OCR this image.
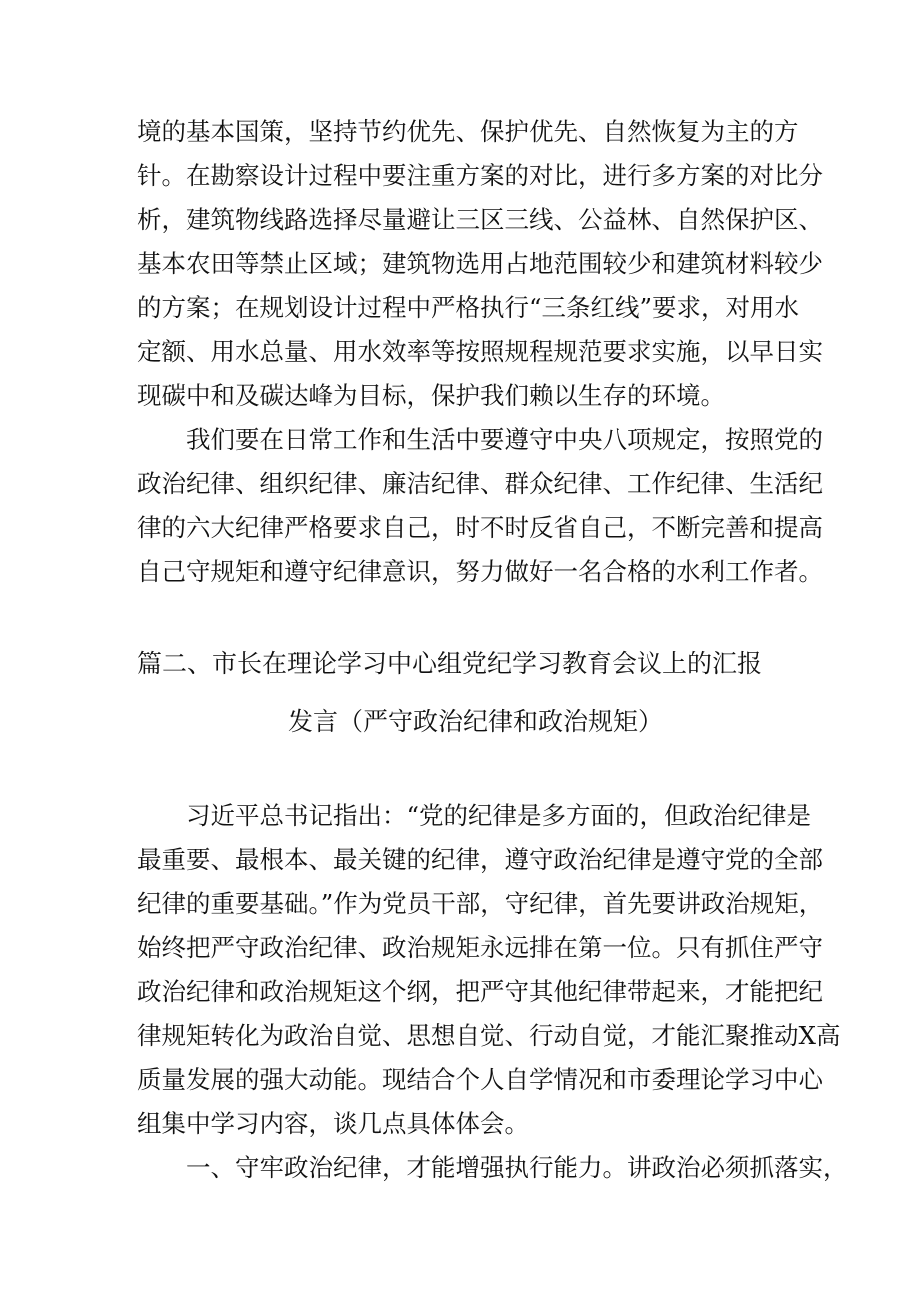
境的基本国策，坚持节约优先、保护优先、自然恢复为主的方
针。在勘察设计过程中要注重方案的对比，进行多方案的对比分
析，建筑物线路选择尽量避让三区三线、公益林、自然保护区、
基本农田等禁止区域；建筑物选用占地范围较少和建筑材料较少
的方案；在规划设计过程中严格执行“三条红线”要求，对用水
定额、用水总量、用水效率等按照规程规范要求实施，以早日实
现碳中和及碳达峰为目标，保护我们赖以生存的环境。
我们要在日常工作和生活中要遵守中央八项规定，按照党的
政治纪律、组织纪律、廉洁纪律、群众纪律、工作纪律、生活纪
律的六大纪律严格要求自己，时不时反省自己，不断完善和提高
自己守规矩和遵守纪律意识，努力做好一名合格的水利工作者。
篇二、市长在理论学习中心组党纪学习教育会议上的汇报
发言（严守政治纪律和政治规矩）
习近平总书记指出：“党的纪律是多方面的，但政治纪律是
最重要、最根本、最关键的纪律，遵守政治纪律是遵守党的全部
纪律的重要基础。”作为党员干部，守纪律，首先要讲政治规矩，
始终把严守政治纪律、政治规矩永远排在第一位。只有抓住严守
政治纪律和政治规矩这个纲，把严守其他纪律带起来，才能把纪
律规矩转化为政治自觉、思想自觉、行动自觉，才能汇聚推动X高
质量发展的强大动能。现结合个人自学情况和市委理论学习中心
组集中学习内容，谈几点具体体会。
一、守牢政治纪律，才能增强执行能力。讲政治必须抓落实，
